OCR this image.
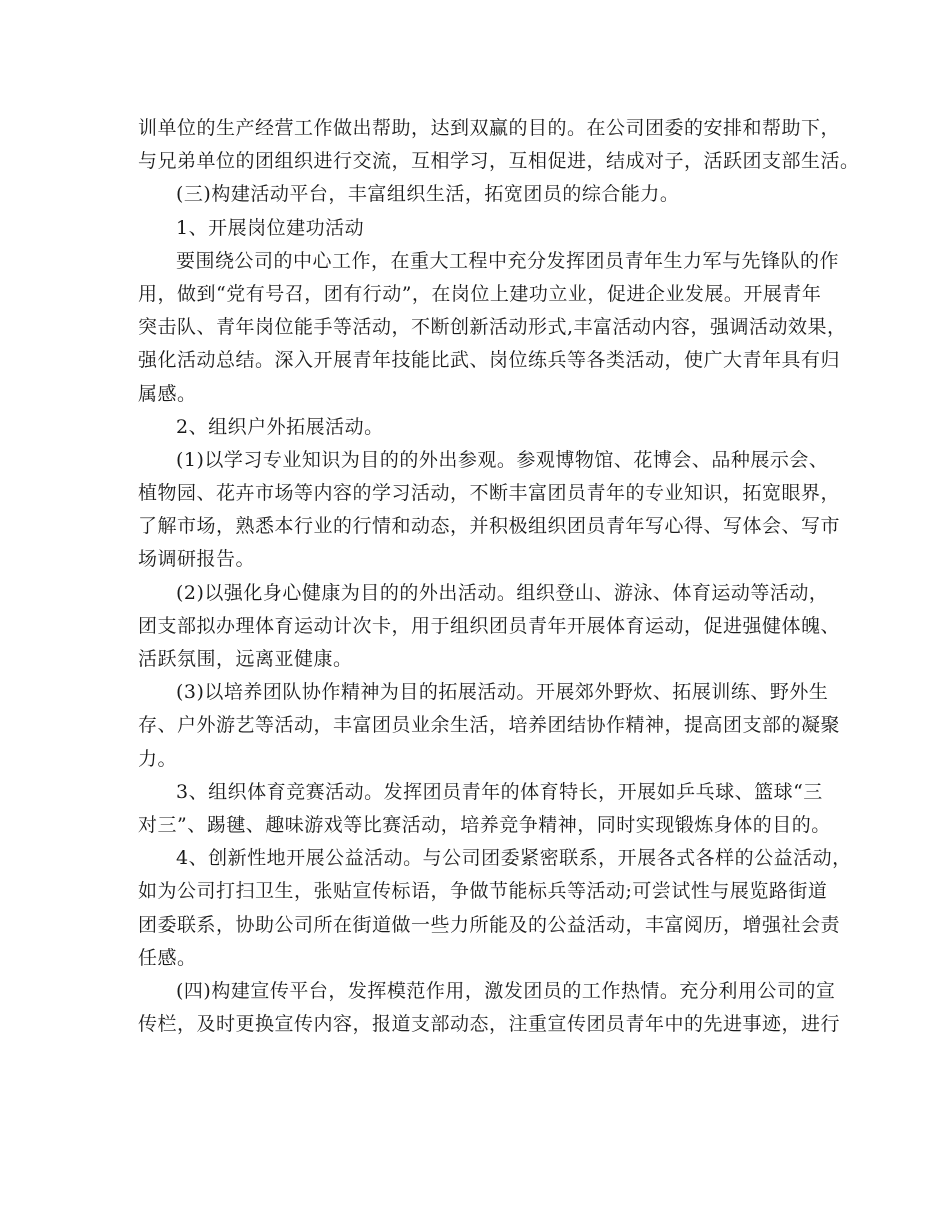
训单位的生产经营工作做出帮助，达到双赢的目的。在公司团委的安排和帮助下，
与兄弟单位的团组织进行交流，互相学习，互相促进，结成对子，活跃团支部生活。
(三)构建活动平台，丰富组织生活，拓宽团员的综合能力。
1、开展岗位建功活动
要围绕公司的中心工作，在重大工程中充分发挥团员青年生力军与先锋队的作
用，做到“党有号召，团有行动”，在岗位上建功立业，促进企业发展。开展青年
突击队、青年岗位能手等活动，不断创新活动形式,丰富活动内容，强调活动效果，
强化活动总结。深入开展青年技能比武、岗位练兵等各类活动，使广大青年具有归
属感。
2、组织户外拓展活动。
(1)以学习专业知识为目的的外出参观。参观博物馆、花博会、品种展示会、
植物园、花卉市场等内容的学习活动，不断丰富团员青年的专业知识，拓宽眼界，
了解市场，熟悉本行业的行情和动态，并积极组织团员青年写心得、写体会、写市
场调研报告。
(2)以强化身心健康为目的的外出活动。组织登山、游泳、体育运动等活动，
团支部拟办理体育运动计次卡，用于组织团员青年开展体育运动，促进强健体魄、
活跃氛围，远离亚健康。
(3)以培养团队协作精神为目的拓展活动。开展郊外野炊、拓展训练、野外生
存、户外游艺等活动，丰富团员业余生活，培养团结协作精神，提高团支部的凝聚
力。
3、组织体育竞赛活动。发挥团员青年的体育特长，开展如乒乓球、篮球“三
对三”、踢毽、趣味游戏等比赛活动，培养竞争精神，同时实现锻炼身体的目的。
4、创新性地开展公益活动。与公司团委紧密联系，开展各式各样的公益活动，
如为公司打扫卫生，张贴宣传标语，争做节能标兵等活动;可尝试性与展览路街道
团委联系，协助公司所在街道做一些力所能及的公益活动，丰富阅历，增强社会责
任感。
(四)构建宣传平台，发挥模范作用，激发团员的工作热情。充分利用公司的宣
传栏，及时更换宣传内容，报道支部动态，注重宣传团员青年中的先进事迹，进行
